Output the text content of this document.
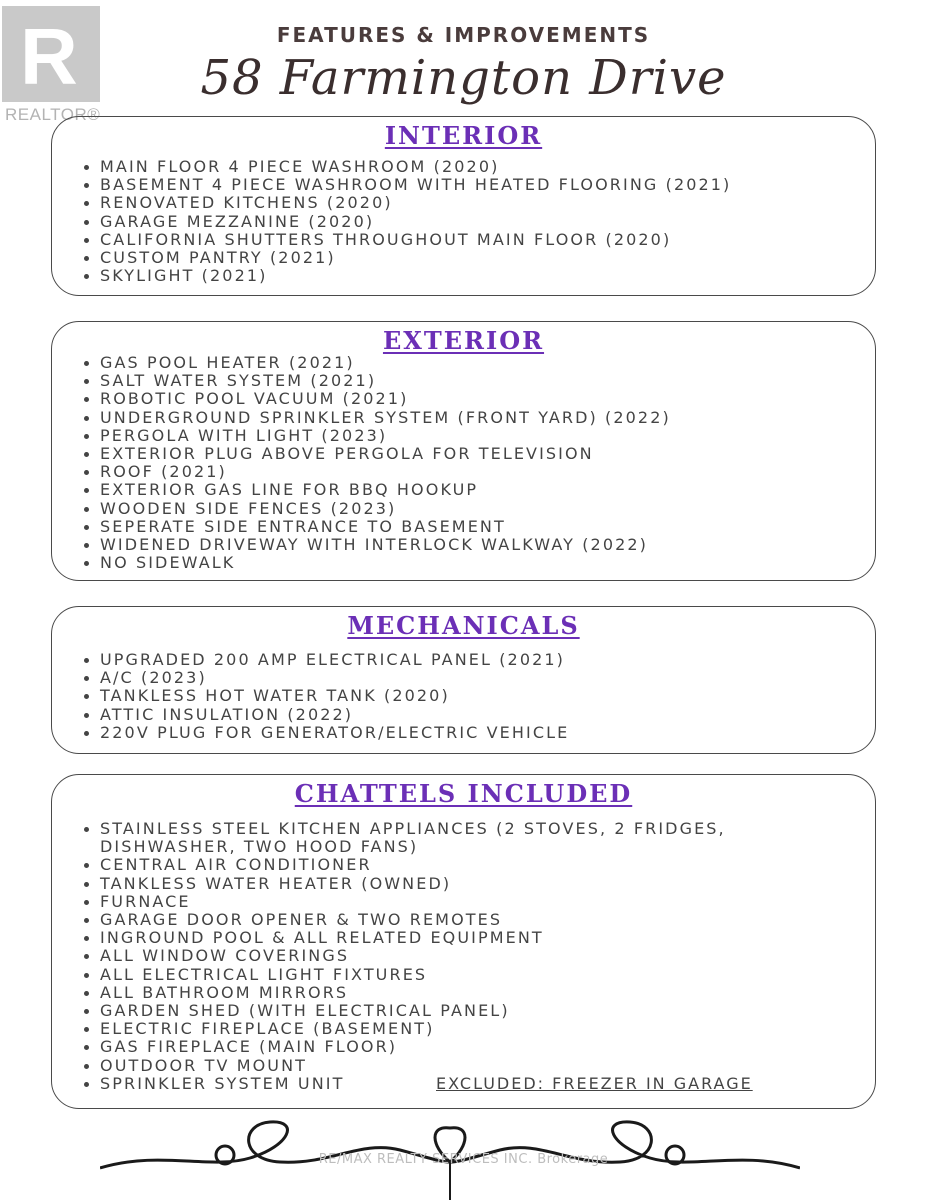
R
REALTOR®
FEATURES & IMPROVEMENTS
58 Farmington Drive
INTERIOR
MAIN FLOOR 4 PIECE WASHROOM (2020)
BASEMENT 4 PIECE WASHROOM WITH HEATED FLOORING (2021)
RENOVATED KITCHENS (2020)
GARAGE MEZZANINE (2020)
CALIFORNIA SHUTTERS THROUGHOUT MAIN FLOOR (2020)
CUSTOM PANTRY (2021)
SKYLIGHT (2021)
EXTERIOR
GAS POOL HEATER (2021)
SALT WATER SYSTEM (2021)
ROBOTIC POOL VACUUM (2021)
UNDERGROUND SPRINKLER SYSTEM (FRONT YARD) (2022)
PERGOLA WITH LIGHT (2023)
EXTERIOR PLUG ABOVE PERGOLA FOR TELEVISION
ROOF (2021)
EXTERIOR GAS LINE FOR BBQ HOOKUP
WOODEN SIDE FENCES (2023)
SEPERATE SIDE ENTRANCE TO BASEMENT
WIDENED DRIVEWAY WITH INTERLOCK WALKWAY (2022)
NO SIDEWALK
MECHANICALS
UPGRADED 200 AMP ELECTRICAL PANEL (2021)
A/C (2023)
TANKLESS HOT WATER TANK (2020)
ATTIC INSULATION (2022)
220V PLUG FOR GENERATOR/ELECTRIC VEHICLE
CHATTELS INCLUDED
STAINLESS STEEL KITCHEN APPLIANCES (2 STOVES, 2 FRIDGES, DISHWASHER, TWO HOOD FANS)
CENTRAL AIR CONDITIONER
TANKLESS WATER HEATER (OWNED)
FURNACE
GARAGE DOOR OPENER & TWO REMOTES
INGROUND POOL & ALL RELATED EQUIPMENT
ALL WINDOW COVERINGS
ALL ELECTRICAL LIGHT FIXTURES
ALL BATHROOM MIRRORS
GARDEN SHED (WITH ELECTRICAL PANEL)
ELECTRIC FIREPLACE (BASEMENT)
GAS FIREPLACE (MAIN FLOOR)
OUTDOOR TV MOUNT
SPRINKLER SYSTEM UNIT	EXCLUDED: FREEZER IN GARAGE
RE/MAX REALTY SERVICES INC. Brokerage
